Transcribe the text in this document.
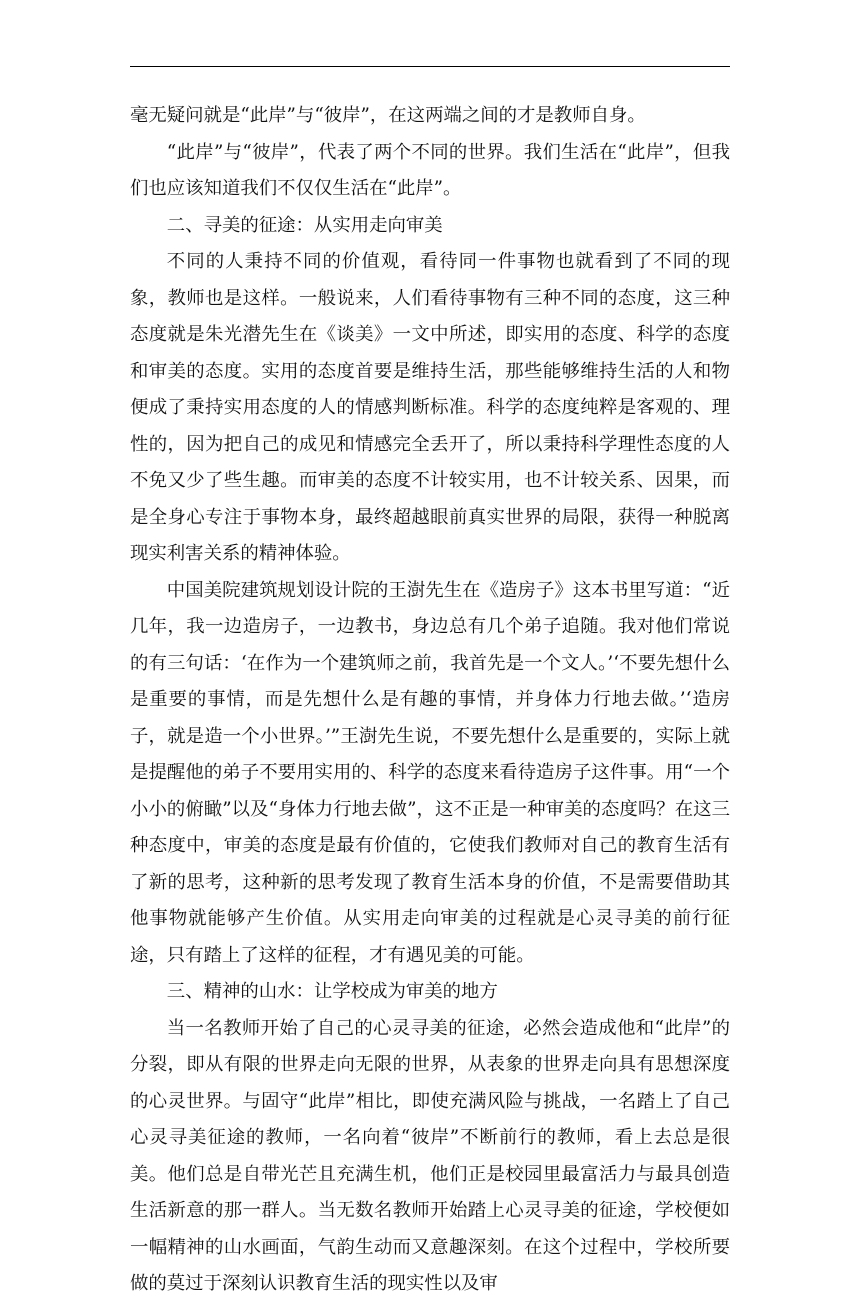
毫无疑问就是“此岸”与“彼岸”，在这两端之间的才是教师自身。

“此岸”与“彼岸”，代表了两个不同的世界。我们生活在“此岸”，但我们也应该知道我们不仅仅生活在“此岸”。

二、寻美的征途：从实用走向审美

不同的人秉持不同的价值观，看待同一件事物也就看到了不同的现象，教师也是这样。一般说来，人们看待事物有三种不同的态度，这三种态度就是朱光潜先生在《谈美》一文中所述，即实用的态度、科学的态度和审美的态度。实用的态度首要是维持生活，那些能够维持生活的人和物便成了秉持实用态度的人的情感判断标准。科学的态度纯粹是客观的、理性的，因为把自己的成见和情感完全丢开了，所以秉持科学理性态度的人不免又少了些生趣。而审美的态度不计较实用，也不计较关系、因果，而是全身心专注于事物本身，最终超越眼前真实世界的局限，获得一种脱离现实利害关系的精神体验。

中国美院建筑规划设计院的王澍先生在《造房子》这本书里写道：“近几年，我一边造房子，一边教书，身边总有几个弟子追随。我对他们常说的有三句话：‘在作为一个建筑师之前，我首先是一个文人。’‘不要先想什么是重要的事情，而是先想什么是有趣的事情，并身体力行地去做。’‘造房子，就是造一个小世界。’”王澍先生说，不要先想什么是重要的，实际上就是提醒他的弟子不要用实用的、科学的态度来看待造房子这件事。用“一个小小的俯瞰”以及“身体力行地去做”，这不正是一种审美的态度吗？在这三种态度中，审美的态度是最有价值的，它使我们教师对自己的教育生活有了新的思考，这种新的思考发现了教育生活本身的价值，不是需要借助其他事物就能够产生价值。从实用走向审美的过程就是心灵寻美的前行征途，只有踏上了这样的征程，才有遇见美的可能。

三、精神的山水：让学校成为审美的地方

当一名教师开始了自己的心灵寻美的征途，必然会造成他和“此岸”的分裂，即从有限的世界走向无限的世界，从表象的世界走向具有思想深度的心灵世界。与固守“此岸”相比，即使充满风险与挑战，一名踏上了自己心灵寻美征途的教师，一名向着“彼岸”不断前行的教师，看上去总是很美。他们总是自带光芒且充满生机，他们正是校园里最富活力与最具创造生活新意的那一群人。当无数名教师开始踏上心灵寻美的征途，学校便如一幅精神的山水画面，气韵生动而又意趣深刻。在这个过程中，学校所要做的莫过于深刻认识教育生活的现实性以及审
